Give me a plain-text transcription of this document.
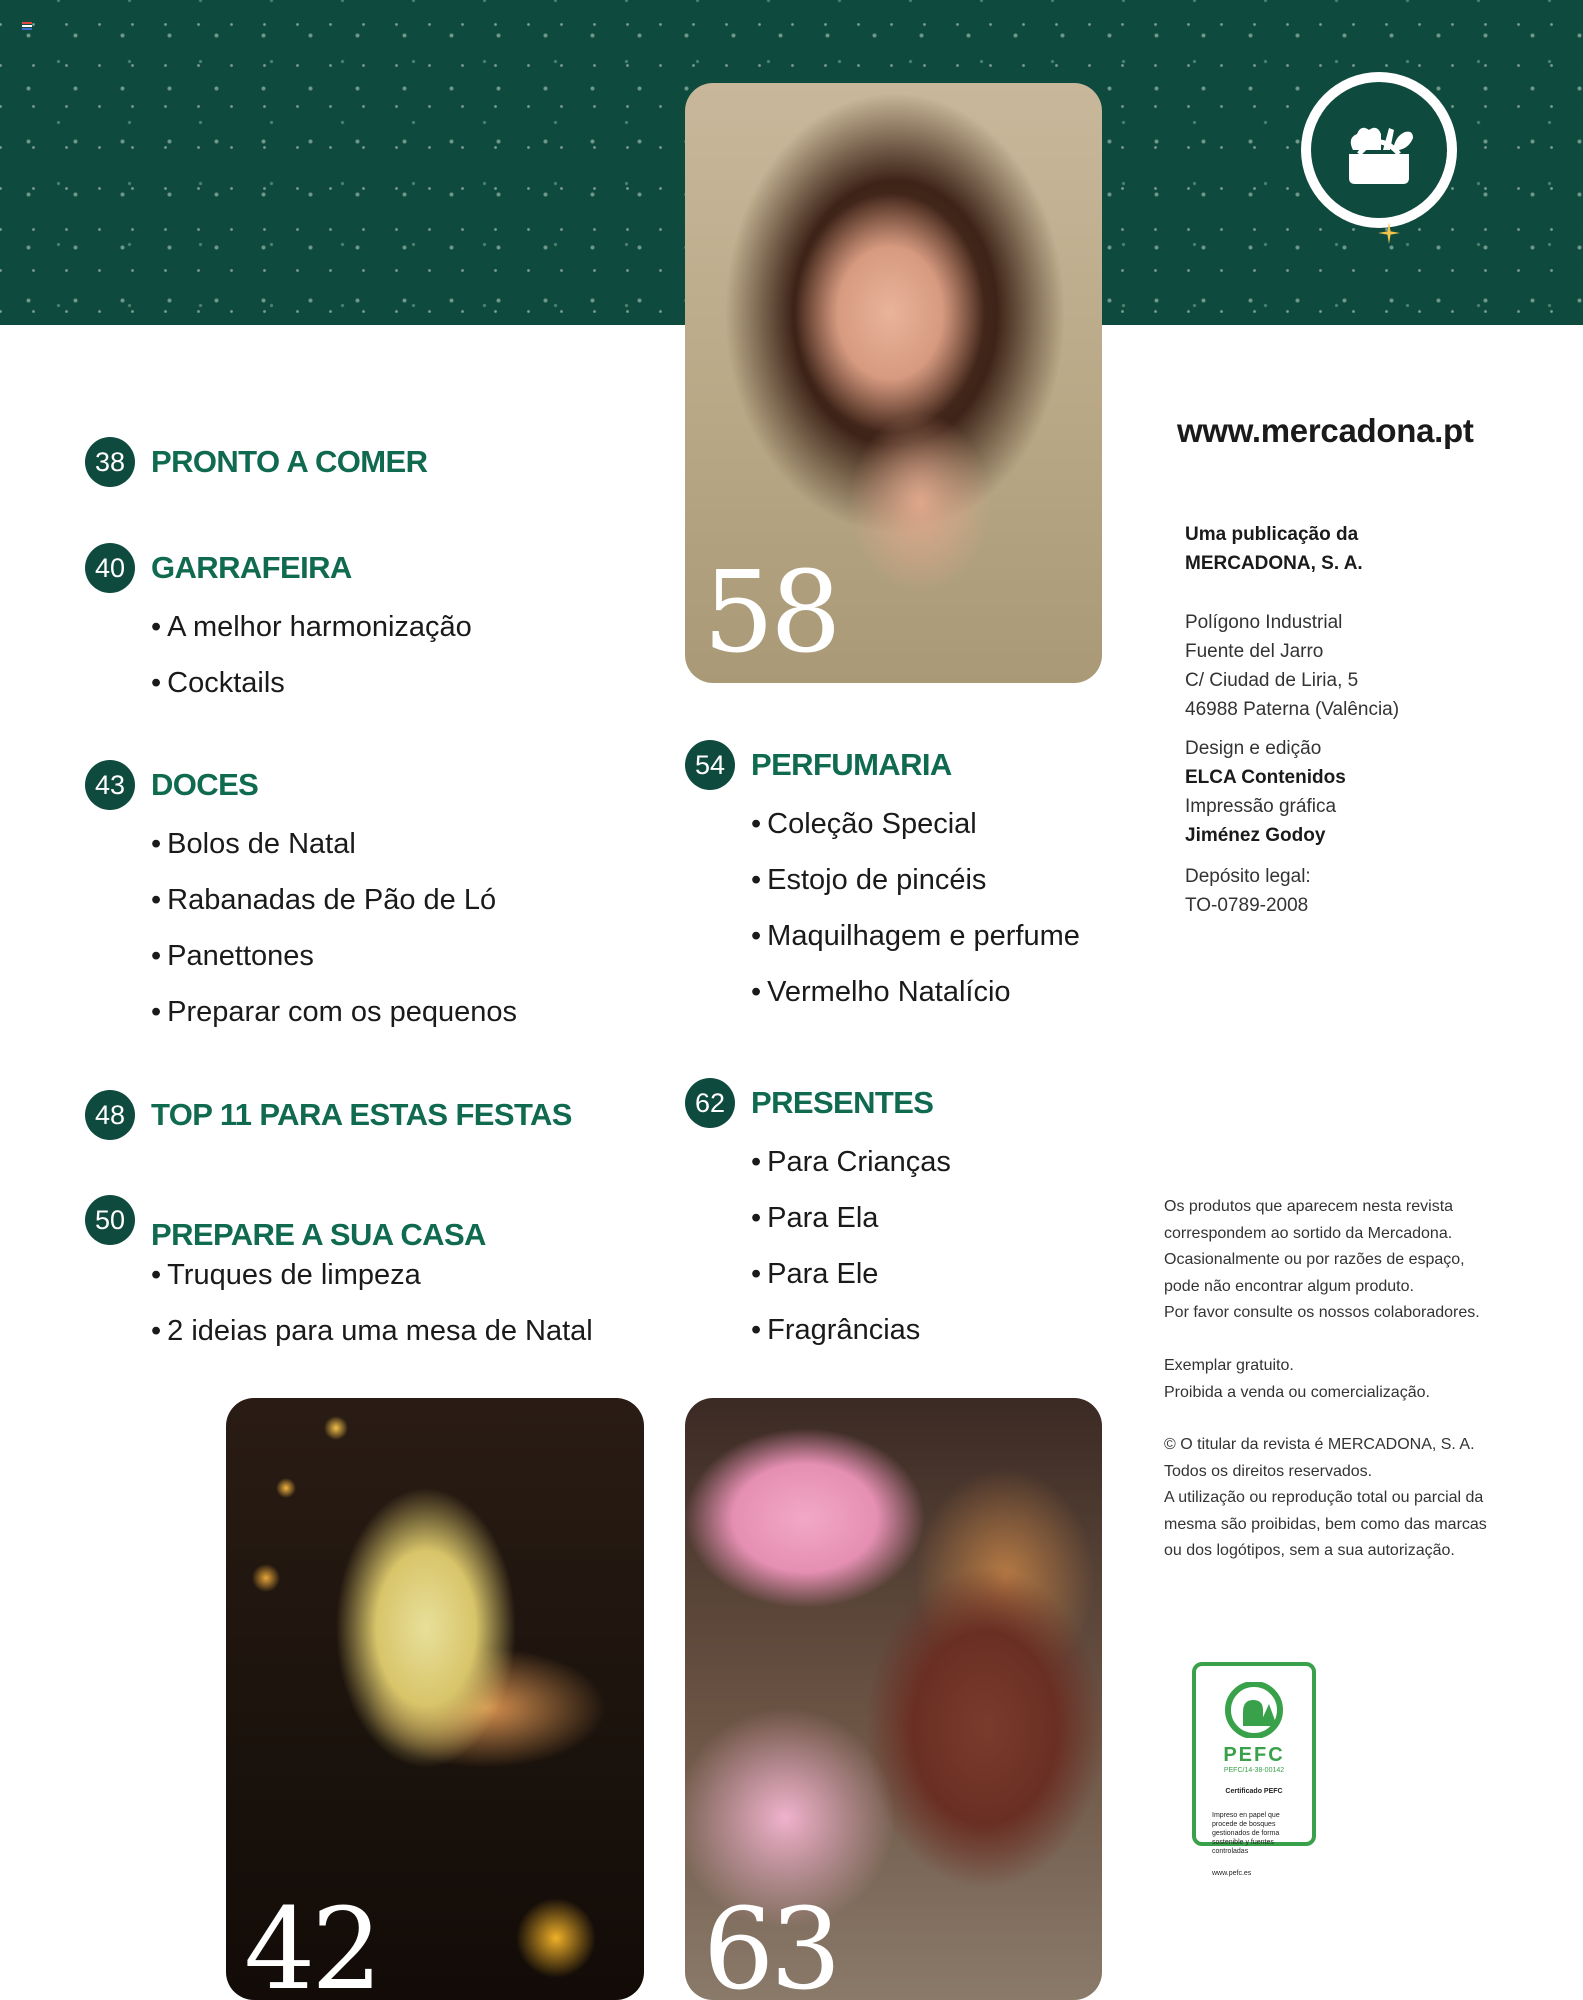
58
42	63
38 PRONTO A COMER
40 GARRAFEIRA
• A melhor harmonização
• Cocktails
43 DOCES
• Bolos de Natal
• Rabanadas de Pão de Ló
• Panettones
• Preparar com os pequenos
48 TOP 11 PARA ESTAS FESTAS
50 PREPARE A SUA CASA
• Truques de limpeza
• 2 ideias para uma mesa de Natal
54 PERFUMARIA
• Coleção Special
• Estojo de pincéis
• Maquilhagem e perfume
• Vermelho Natalício
62 PRESENTES
• Para Crianças
• Para Ela
• Para Ele
• Fragrâncias
www.mercadona.pt
Uma publicação da
MERCADONA, S. A.
Polígono Industrial
Fuente del Jarro
C/ Ciudad de Liria, 5
46988 Paterna (Valência)
Design e edição
ELCA Contenidos
Impressão gráfica
Jiménez Godoy
Depósito legal:
TO-0789-2008
Os produtos que aparecem nesta revista
correspondem ao sortido da Mercadona.
Ocasionalmente ou por razões de espaço,
pode não encontrar algum produto.
Por favor consulte os nossos colaboradores.
Exemplar gratuito.
Proibida a venda ou comercialização.
© O titular da revista é MERCADONA, S. A.
Todos os direitos reservados.
A utilização ou reprodução total ou parcial da
mesma são proibidas, bem como das marcas
ou dos logótipos, sem a sua autorização.
PEFC
PEFC/14-38-00142
Certificado PEFC
Impreso en papel que
procede de bosques
gestionados de forma
sostenible y fuentes
controladas
www.pefc.es
